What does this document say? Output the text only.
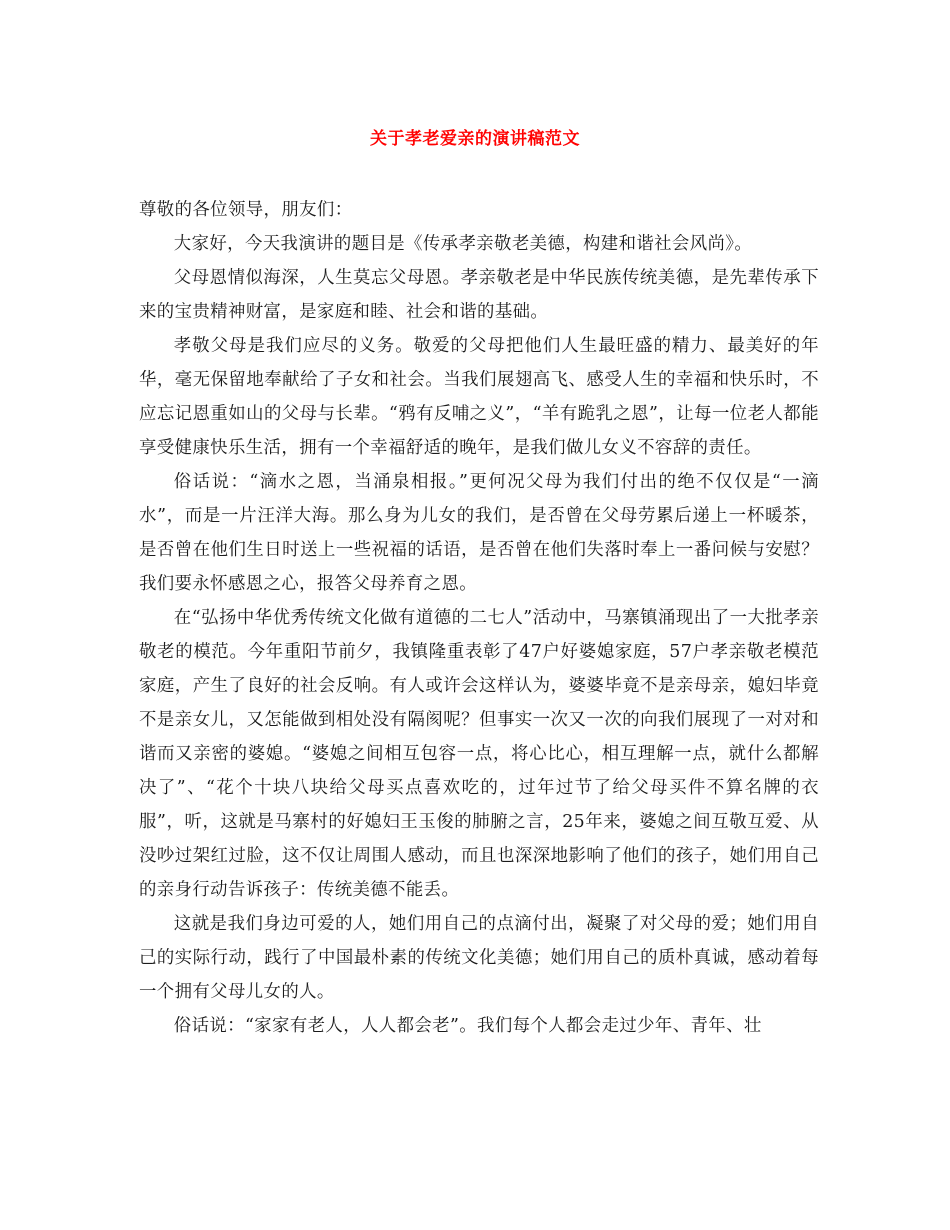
关于孝老爱亲的演讲稿范文

尊敬的各位领导，朋友们：

大家好，今天我演讲的题目是《传承孝亲敬老美德，构建和谐社会风尚》。

父母恩情似海深，人生莫忘父母恩。孝亲敬老是中华民族传统美德，是先辈传承下来的宝贵精神财富，是家庭和睦、社会和谐的基础。

孝敬父母是我们应尽的义务。敬爱的父母把他们人生最旺盛的精力、最美好的年华，毫无保留地奉献给了子女和社会。当我们展翅高飞、感受人生的幸福和快乐时，不应忘记恩重如山的父母与长辈。“鸦有反哺之义”，“羊有跪乳之恩”，让每一位老人都能享受健康快乐生活，拥有一个幸福舒适的晚年，是我们做儿女义不容辞的责任。

俗话说：“滴水之恩，当涌泉相报。”更何况父母为我们付出的绝不仅仅是“一滴水”，而是一片汪洋大海。那么身为儿女的我们，是否曾在父母劳累后递上一杯暖茶，是否曾在他们生日时送上一些祝福的话语，是否曾在他们失落时奉上一番问候与安慰？我们要永怀感恩之心，报答父母养育之恩。

在“弘扬中华优秀传统文化做有道德的二七人”活动中，马寨镇涌现出了一大批孝亲敬老的模范。今年重阳节前夕，我镇隆重表彰了47户好婆媳家庭，57户孝亲敬老模范家庭，产生了良好的社会反响。有人或许会这样认为，婆婆毕竟不是亲母亲，媳妇毕竟不是亲女儿，又怎能做到相处没有隔阂呢？但事实一次又一次的向我们展现了一对对和谐而又亲密的婆媳。“婆媳之间相互包容一点，将心比心，相互理解一点，就什么都解决了”、“花个十块八块给父母买点喜欢吃的，过年过节了给父母买件不算名牌的衣服”，听，这就是马寨村的好媳妇王玉俊的肺腑之言，25年来，婆媳之间互敬互爱、从没吵过架红过脸，这不仅让周围人感动，而且也深深地影响了他们的孩子，她们用自己的亲身行动告诉孩子：传统美德不能丢。

这就是我们身边可爱的人，她们用自己的点滴付出，凝聚了对父母的爱；她们用自己的实际行动，践行了中国最朴素的传统文化美德；她们用自己的质朴真诚，感动着每一个拥有父母儿女的人。

俗话说：“家家有老人，人人都会老”。我们每个人都会走过少年、青年、壮
